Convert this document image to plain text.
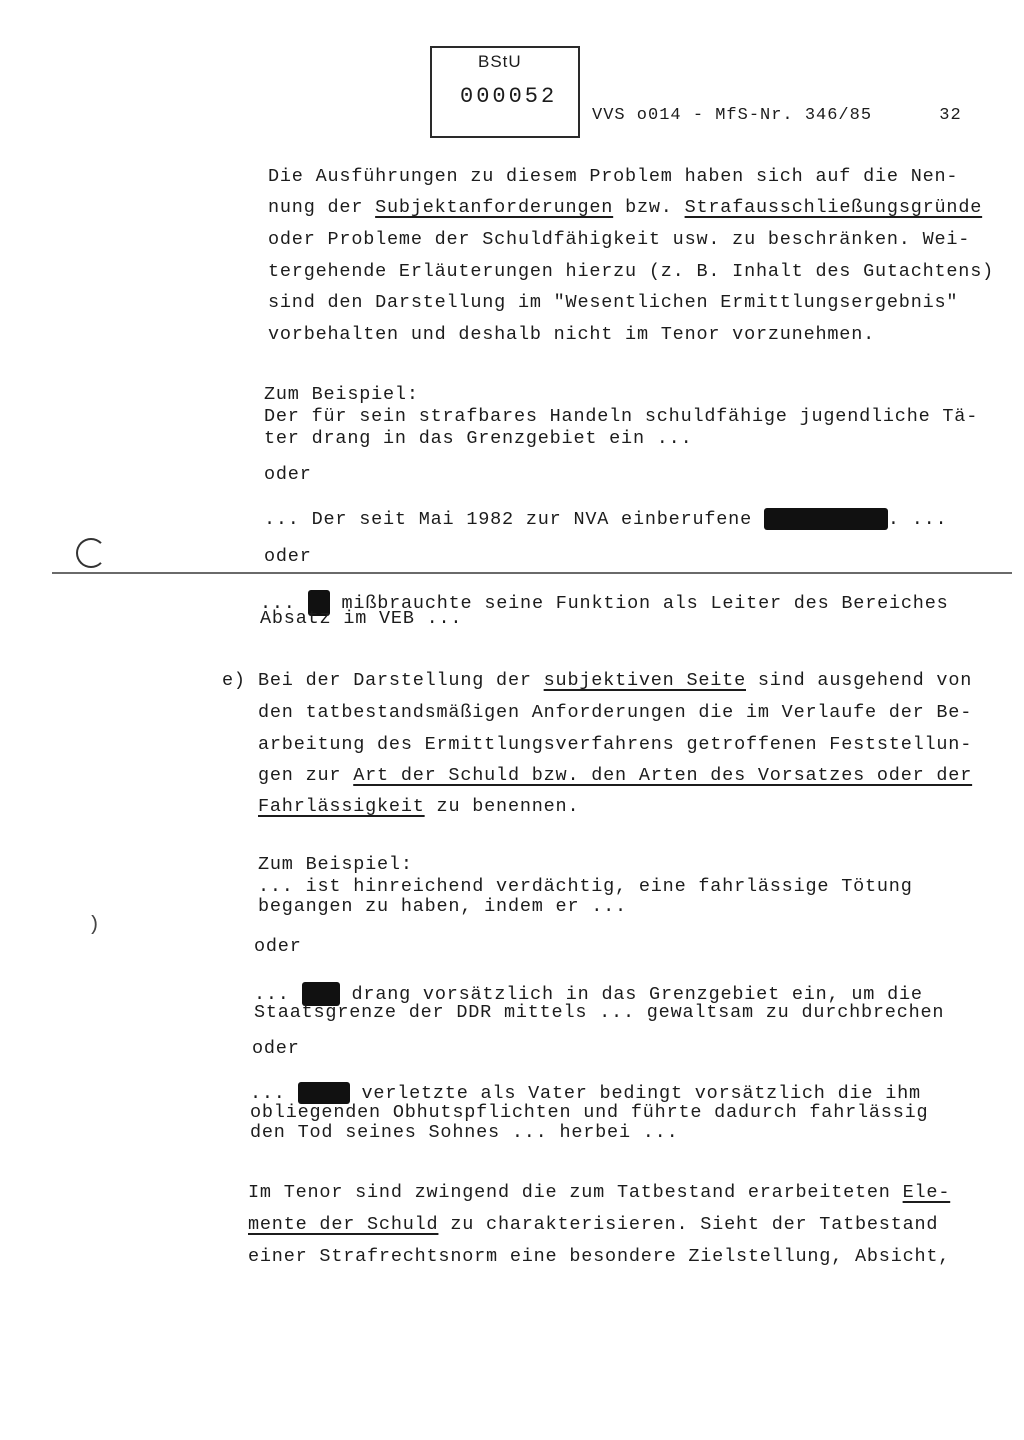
BStU
000052
VVS o014 - MfS-Nr. 346/85	32
Die Ausführungen zu diesem Problem haben sich auf die Nen-
nung der Subjektanforderungen bzw. Strafausschließungsgründe
oder Probleme der Schuldfähigkeit usw. zu beschränken. Wei-
tergehende Erläuterungen hierzu (z. B. Inhalt des Gutachtens)
sind den Darstellung im "Wesentlichen Ermittlungsergebnis"
vorbehalten und deshalb nicht im Tenor vorzunehmen.
Zum Beispiel:
Der für sein strafbares Handeln schuldfähige jugendliche Tä-
ter drang in das Grenzgebiet ein ...
oder
... Der seit Mai 1982 zur NVA einberufene	. ...
oder
...  mißbrauchte seine Funktion als Leiter des Bereiches
Absatz im VEB ...
e) Bei der Darstellung der subjektiven Seite sind ausgehend von
den tatbestandsmäßigen Anforderungen die im Verlaufe der Be-
arbeitung des Ermittlungsverfahrens getroffenen Feststellun-
gen zur Art der Schuld bzw. den Arten des Vorsatzes oder der
Fahrlässigkeit zu benennen.
Zum Beispiel:
... ist hinreichend verdächtig, eine fahrlässige Tötung
begangen zu haben, indem er ...
oder
)
...  drang vorsätzlich in das Grenzgebiet ein, um die
Staatsgrenze der DDR mittels ... gewaltsam zu durchbrechen
oder
...	verletzte als Vater bedingt vorsätzlich die ihm
obliegenden Obhutspflichten und führte dadurch fahrlässig
den Tod seines Sohnes ... herbei ...
Im Tenor sind zwingend die zum Tatbestand erarbeiteten Ele-
mente der Schuld zu charakterisieren. Sieht der Tatbestand
einer Strafrechtsnorm eine besondere Zielstellung, Absicht,
